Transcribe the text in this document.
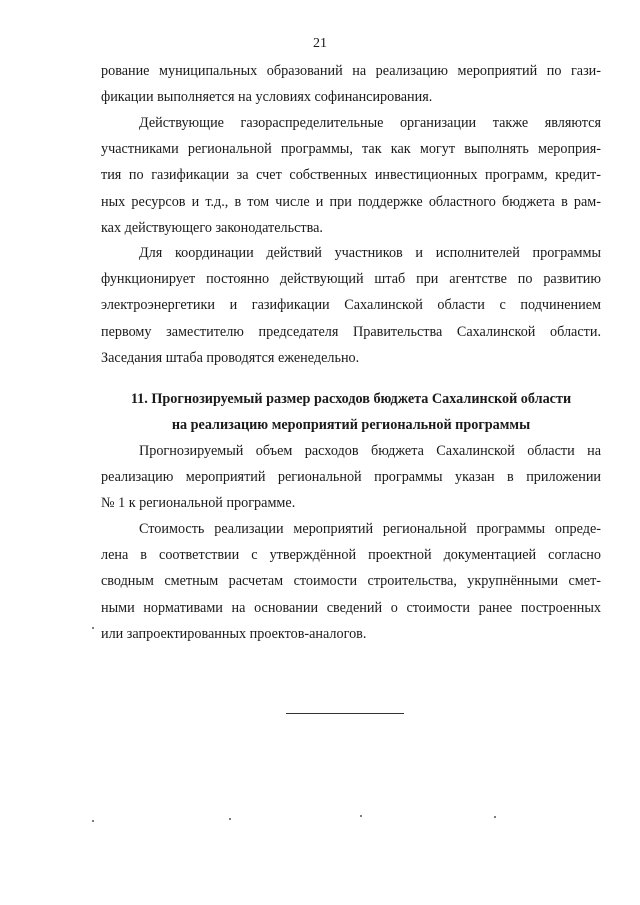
21
рование муниципальных образований на реализацию мероприятий по гази-
фикации выполняется на условиях софинансирования.
Действующие газораспределительные организации также являются
участниками региональной программы, так как могут выполнять мероприя-
тия по газификации за счет собственных инвестиционных программ, кредит-
ных ресурсов и т.д., в том числе и при поддержке областного бюджета в рам-
ках действующего законодательства.
Для координации действий участников и исполнителей программы
функционирует постоянно действующий штаб при агентстве по развитию
электроэнергетики и газификации Сахалинской области с подчинением
первому заместителю председателя Правительства Сахалинской области.
Заседания штаба проводятся еженедельно.
11. Прогнозируемый размер расходов бюджета Сахалинской области
на реализацию мероприятий региональной программы
Прогнозируемый объем расходов бюджета Сахалинской области на
реализацию мероприятий региональной программы указан в приложении
№ 1 к региональной программе.
Стоимость реализации мероприятий региональной программы опреде-
лена в соответствии с утверждённой проектной документацией согласно
сводным сметным расчетам стоимости строительства, укрупнёнными смет-
ными нормативами на основании сведений о стоимости ранее построенных
или запроектированных проектов-аналогов.
